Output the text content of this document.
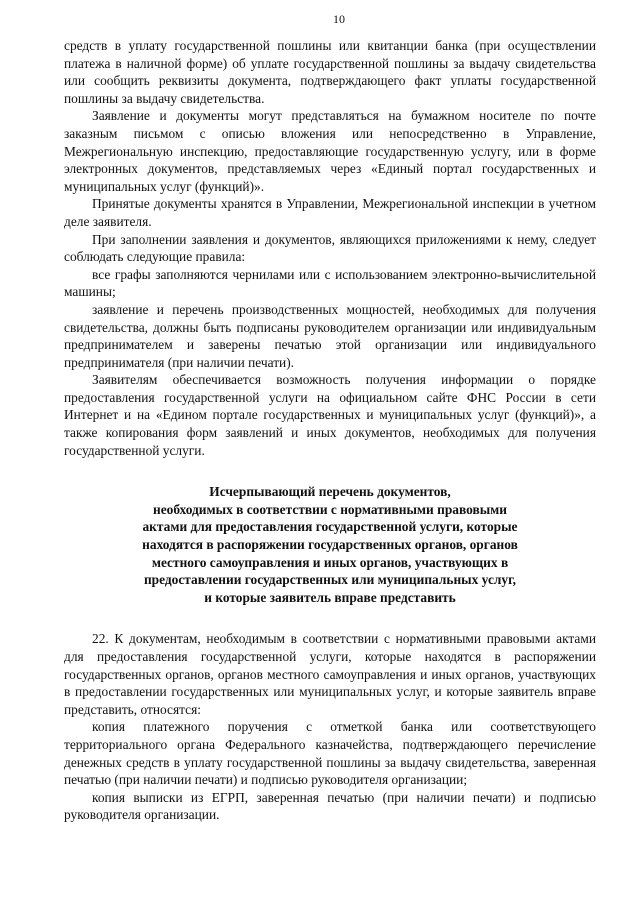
10

средств в уплату государственной пошлины или квитанции банка (при осуществлении платежа в наличной форме) об уплате государственной пошлины за выдачу свидетельства или сообщить реквизиты документа, подтверждающего факт уплаты государственной пошлины за выдачу свидетельства.

Заявление и документы могут представляться на бумажном носителе по почте заказным письмом с описью вложения или непосредственно в Управление, Межрегиональную инспекцию, предоставляющие государственную услугу, или в форме электронных документов, представляемых через «Единый портал государственных и муниципальных услуг (функций)».

Принятые документы хранятся в Управлении, Межрегиональной инспекции в учетном деле заявителя.

При заполнении заявления и документов, являющихся приложениями к нему, следует соблюдать следующие правила:

все графы заполняются чернилами или с использованием электронно-вычислительной машины;

заявление и перечень производственных мощностей, необходимых для получения свидетельства, должны быть подписаны руководителем организации или индивидуальным предпринимателем и заверены печатью этой организации или индивидуального предпринимателя (при наличии печати).

Заявителям обеспечивается возможность получения информации о порядке предоставления государственной услуги на официальном сайте ФНС России в сети Интернет и на «Едином портале государственных и муниципальных услуг (функций)», а также копирования форм заявлений и иных документов, необходимых для получения государственной услуги.

Исчерпывающий перечень документов,
необходимых в соответствии с нормативными правовыми
актами для предоставления государственной услуги, которые
находятся в распоряжении государственных органов, органов
местного самоуправления и иных органов, участвующих в
предоставлении государственных или муниципальных услуг,
и которые заявитель вправе представить

22. К документам, необходимым в соответствии с нормативными правовыми актами для предоставления государственной услуги, которые находятся в распоряжении государственных органов, органов местного самоуправления и иных органов, участвующих в предоставлении государственных или муниципальных услуг, и которые заявитель вправе представить, относятся:

копия платежного поручения с отметкой банка или соответствующего территориального органа Федерального казначейства, подтверждающего перечисление денежных средств в уплату государственной пошлины за выдачу свидетельства, заверенная печатью (при наличии печати) и подписью руководителя организации;

копия выписки из ЕГРП, заверенная печатью (при наличии печати) и подписью руководителя организации.
